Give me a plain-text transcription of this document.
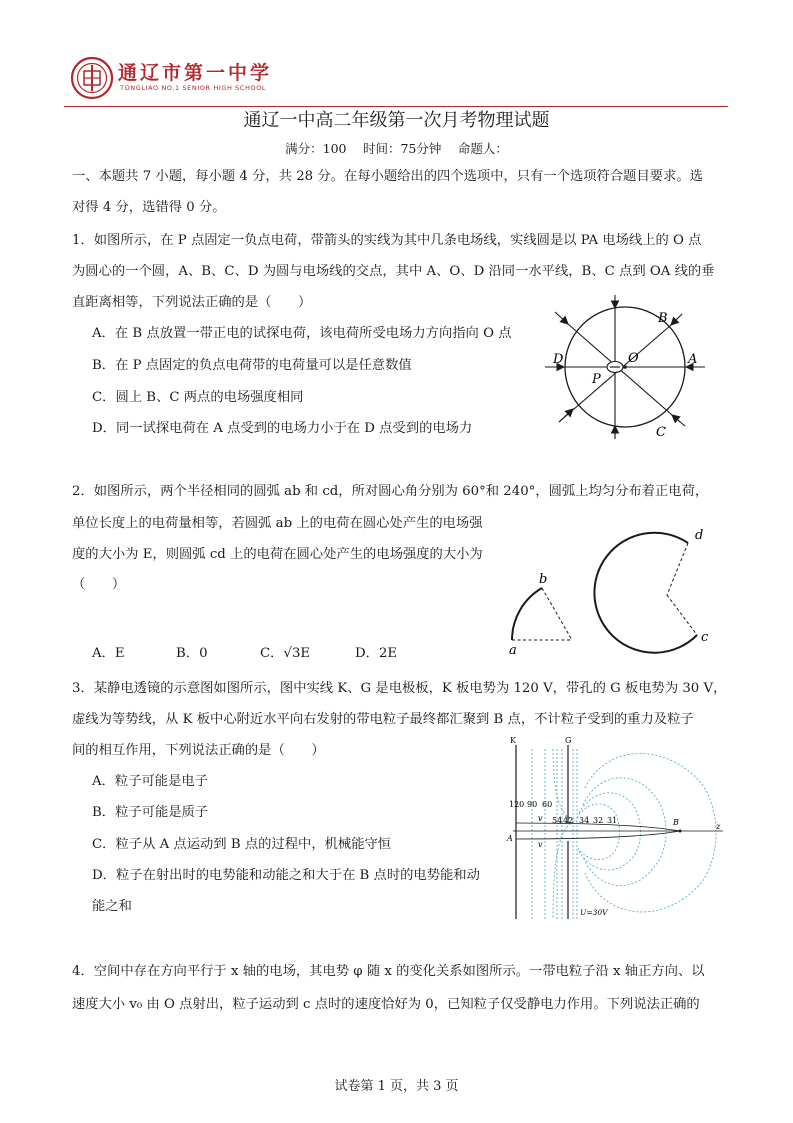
通辽市第一中学
TONGLIAO NO.1 SENIOR HIGH SCHOOL
通辽一中高二年级第一次月考物理试题
满分：100　 时间：75分钟　 命题人：
一、本题共 7 小题，每小题 4 分，共 28 分。在每小题给出的四个选项中，只有一个选项符合题目要求。选
对得 4 分，选错得 0 分。
1．如图所示，在 P 点固定一负点电荷，带箭头的实线为其中几条电场线，实线圆是以 PA 电场线上的 O 点
为圆心的一个圆，A、B、C、D 为圆与电场线的交点，其中 A、O、D 沿同一水平线，B、C 点到 OA 线的垂
直距离相等，下列说法正确的是（　　）
A．在 B 点放置一带正电的试探电荷，该电荷所受电场力方向指向 O 点
B．在 P 点固定的负点电荷带的电荷量可以是任意数值
C．圆上 B、C 两点的电场强度相同
D．同一试探电荷在 A 点受到的电场力小于在 D 点受到的电场力
B
A
D	O
P
C
2．如图所示，两个半径相同的圆弧 ab 和 cd，所对圆心角分别为 60°和 240°，圆弧上均匀分布着正电荷，
单位长度上的电荷量相等，若圆弧 ab 上的电荷在圆心处产生的电场强
度的大小为 E，则圆弧 cd 上的电荷在圆心处产生的电场强度的大小为
（　　）
A．E	B．0	C．√3E	D．2E
b
a
d
c
3．某静电透镜的示意图如图所示，图中实线 K、G 是电极板，K 板电势为 120 V，带孔的 G 板电势为 30 V，
虚线为等势线，从 K 板中心附近水平向右发射的带电粒子最终都汇聚到 B 点，不计粒子受到的重力及粒子
间的相互作用，下列说法正确的是（　　）
A．粒子可能是电子
B．粒子可能是质子
C．粒子从 A 点运动到 B 点的过程中，机械能守恒
D．粒子在射出时的电势能和动能之和大于在 B 点时的电势能和动
能之和
K	G
120 90 60
54 42 34 32 31
v
v
A
B	z
U=30V
4．空间中存在方向平行于 x 轴的电场，其电势 φ 随 x 的变化关系如图所示。一带电粒子沿 x 轴正方向、以
速度大小 v₀ 由 O 点射出，粒子运动到 c 点时的速度恰好为 0，已知粒子仅受静电力作用。下列说法正确的
试卷第 1 页，共 3 页
